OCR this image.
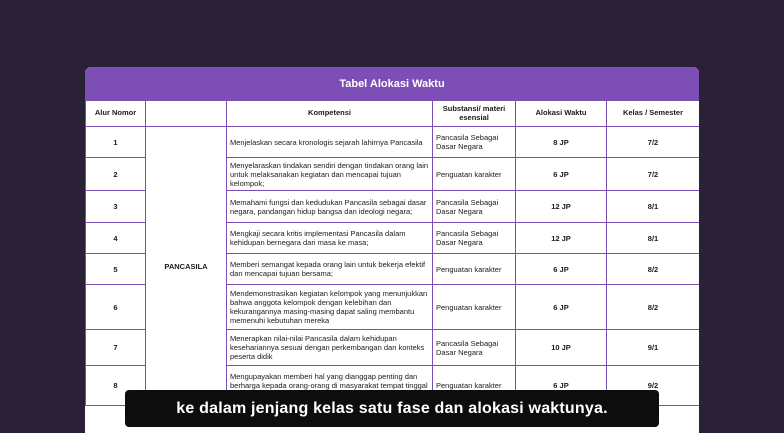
Tabel Alokasi Waktu
Alur Nomor		Kompetensi	Substansi/ materi esensial	Alokasi Waktu	Kelas / Semester
1	PANCASILA	Menjelaskan secara kronologis sejarah lahirnya Pancasila	Pancasila Sebagai Dasar Negara	8 JP	7/2
2		Menyelaraskan tindakan sendiri dengan tindakan orang lain untuk melaksanakan kegiatan dan mencapai tujuan kelompok;	Penguatan karakter	6 JP	7/2
3		Memahami fungsi dan kedudukan Pancasila sebagai dasar negara, pandangan hidup bangsa dan ideologi negara;	Pancasila Sebagai Dasar Negara	12 JP	8/1
4		Mengkaji secara kritis implementasi Pancasila dalam kehidupan bernegara dari masa ke masa;	Pancasila Sebagai Dasar Negara	12 JP	8/1
5		Memberi semangat kepada orang lain untuk bekerja efektif dan mencapai tujuan bersama;	Penguatan karakter	6 JP	8/2
6		Mendemonstrasikan kegiatan kelompok yang menunjukkan bahwa anggota kelompok dengan kelebihan dan kekurangannya masing-masing dapat saling membantu memenuhi kebutuhan mereka	Penguatan karakter	6 JP	8/2
7		Menerapkan nilai-nilai Pancasila dalam kehidupan kesehariannya sesuai dengan perkembangan dan konteks peserta didik	Pancasila Sebagai Dasar Negara	10 JP	9/1
8		Mengupayakan memberi hal yang dianggap penting dan berharga kepada orang-orang di masyarakat tempat tinggal	Penguatan karakter	6 JP	9/2
ke dalam jenjang kelas satu fase dan alokasi waktunya.
